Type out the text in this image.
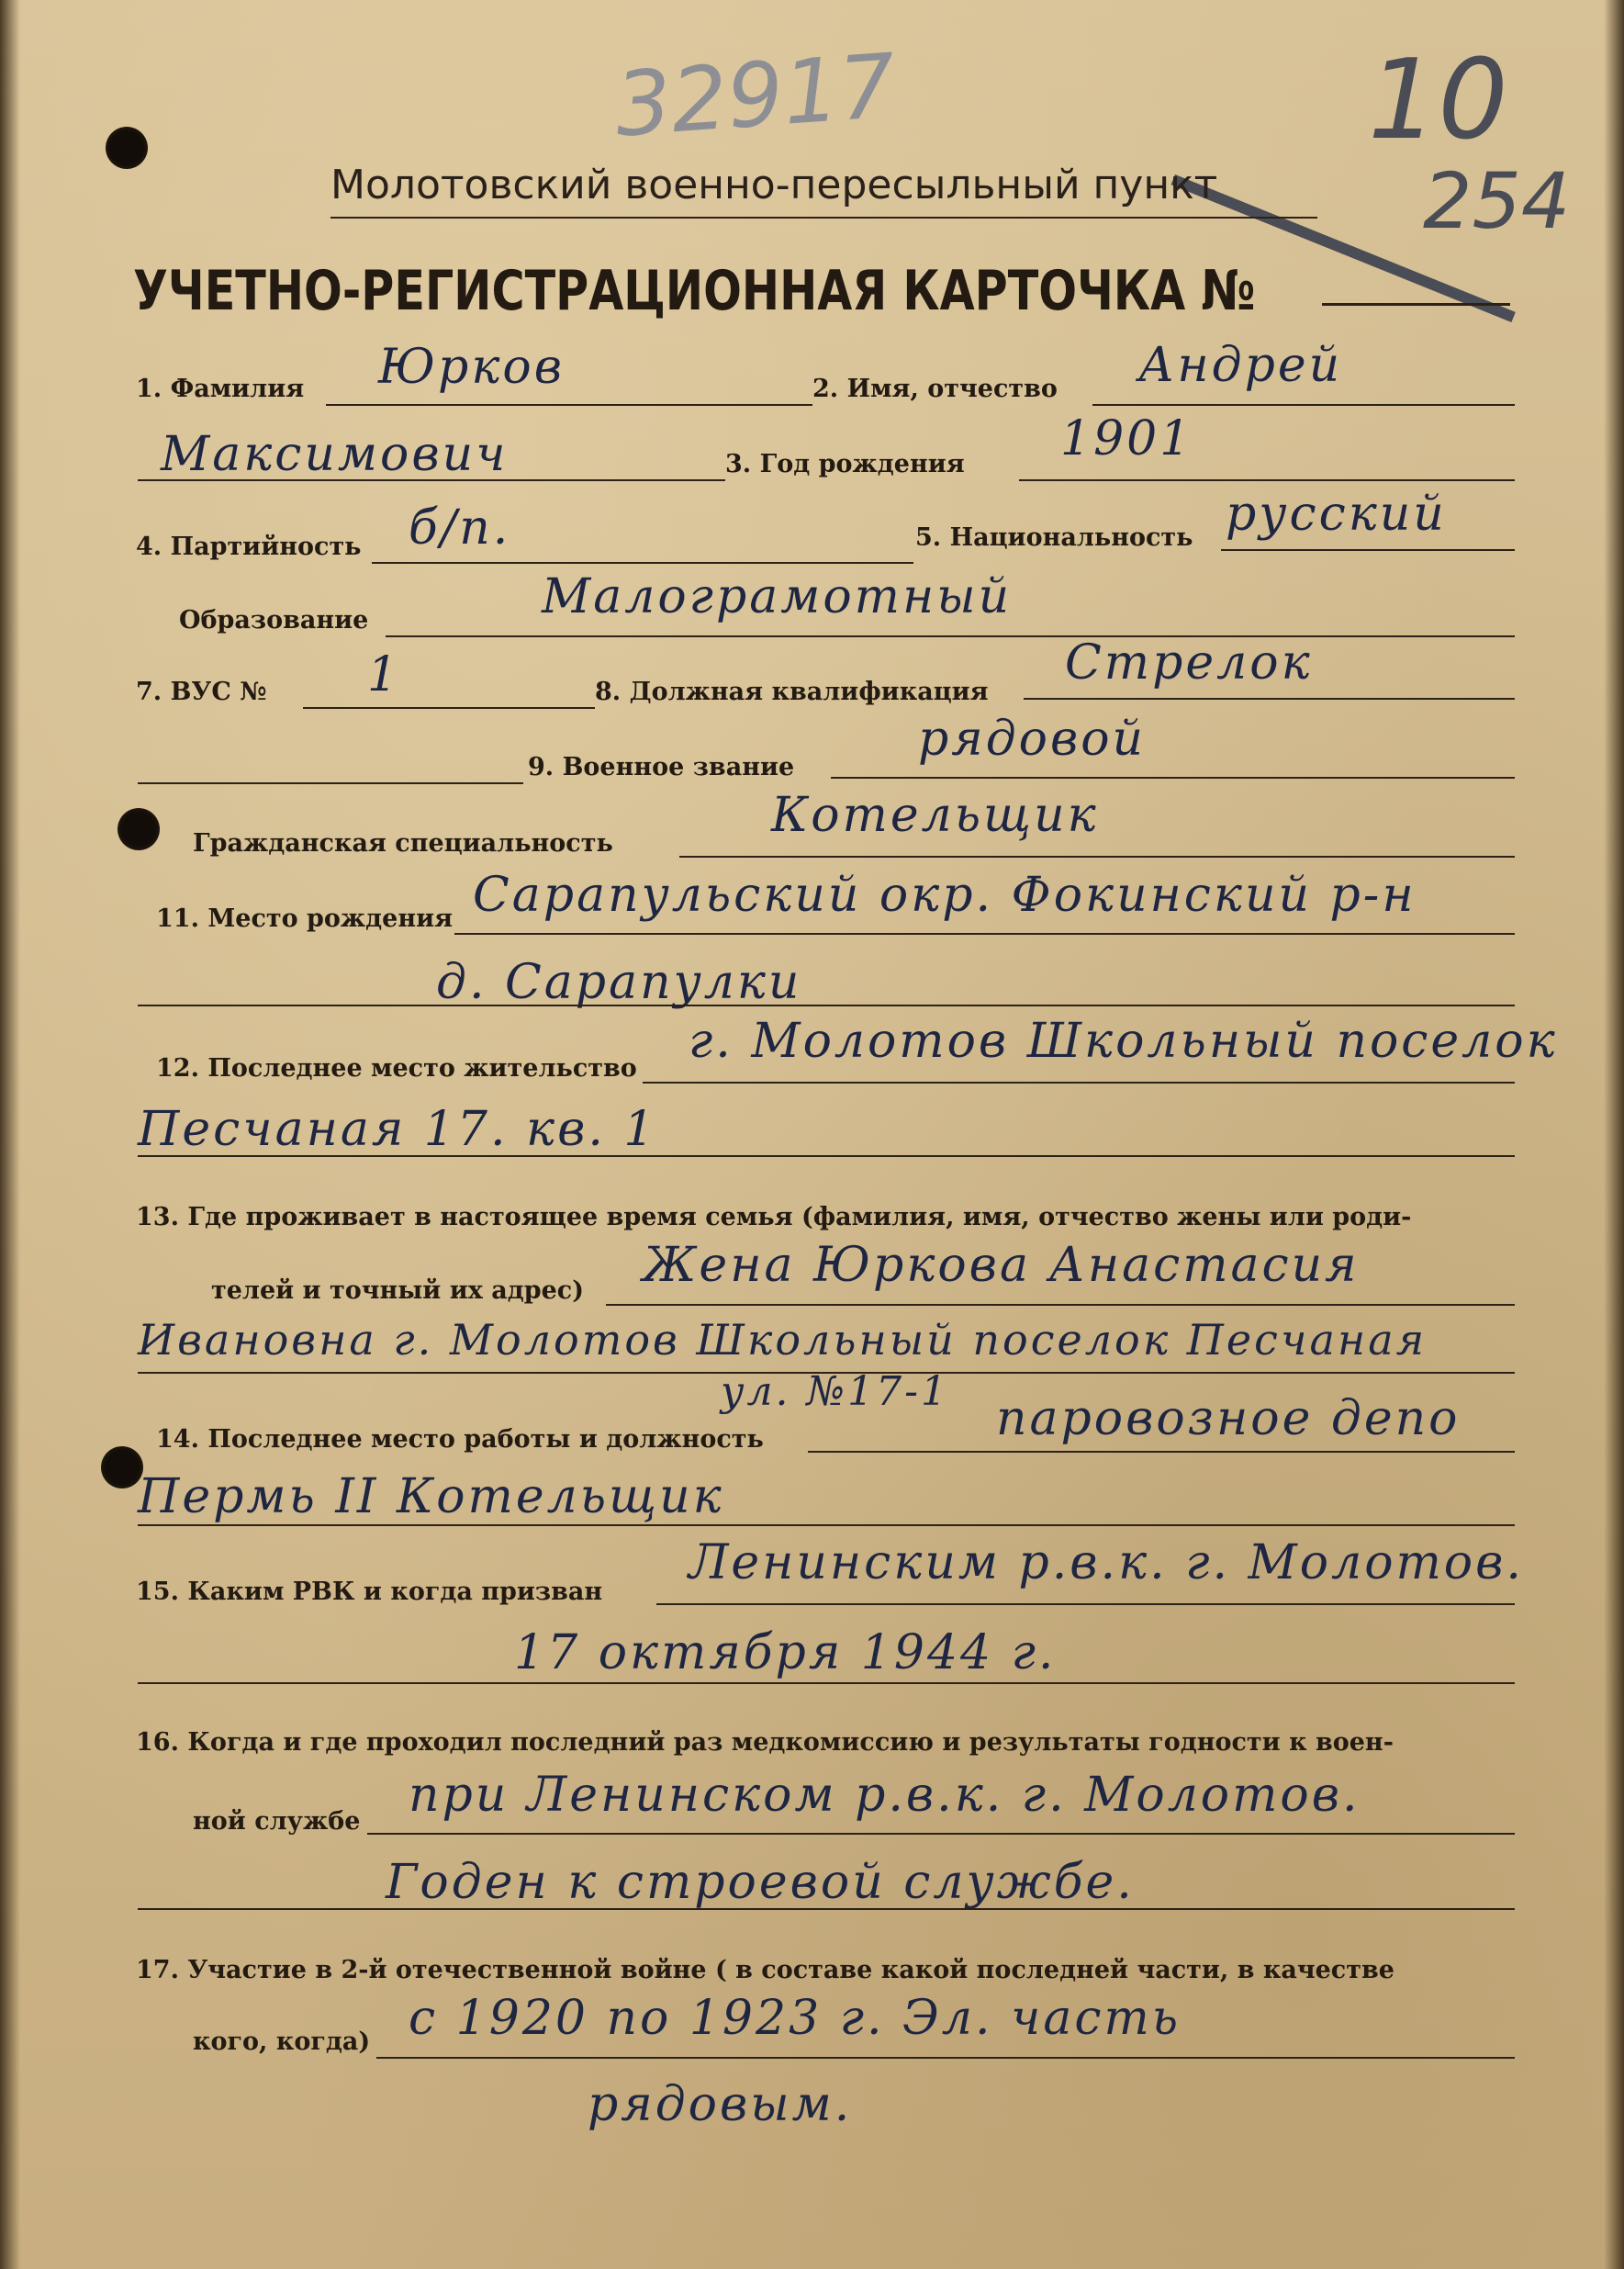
32917	10
254
Молотовский военно-пересыльный пункт
УЧЕТНО-РЕГИСТРАЦИОННАЯ КАРТОЧКА №
1. Фамилия Юрков	2. Имя, отчество Андрей
Максимович	3. Год рождения 1901
4. Партийность б/п.	5. Национальность русский
Образование	Малограмотный
7. ВУС № 1	8. Должная квалификация
Стрелок
9. Военное звание
рядовой
Гражданская специальность
Котельщик
11. Место рождения Сарапульский окр. Фокинский р-н
д. Сарапулки
12. Последнее место жительство г. Молотов Школьный поселок
Песчаная 17. кв. 1
13. Где проживает в настоящее время семья (фамилия, имя, отчество жены или роди-
телей и точный их адрес) Жена Юркова Анастасия
Ивановна г. Молотов Школьный поселок Песчаная
ул. №17-1
14. Последнее место работы и должность	паровозное депо
Пермь II Котельщик
15. Каким РВК и когда призван
Ленинским р.в.к. г. Молотов.
17 октября 1944 г.
16. Когда и где проходил последний раз медкомиссию и результаты годности к воен-
ной службе при Ленинском р.в.к. г. Молотов.
Годен к строевой службе.
17. Участие в 2-й отечественной войне ( в составе какой последней части, в качестве
кого, когда) с 1920 по 1923 г. Эл. часть
рядовым.
